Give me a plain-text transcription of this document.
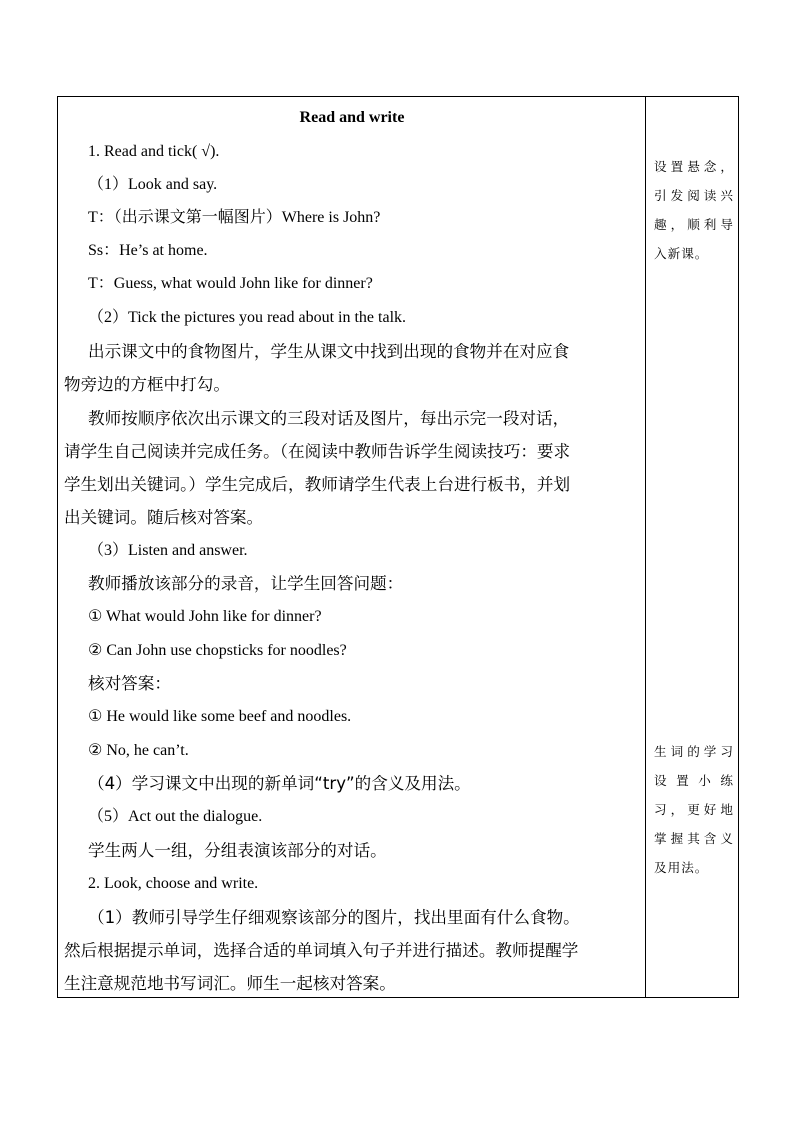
Read and write
1. Read and tick( √).
（1）Look and say.
T：（出示课文第一幅图片）Where is John?
Ss：He’s at home.
T：Guess, what would John like for dinner?
（2）Tick the pictures you read about in the talk.
出示课文中的食物图片，学生从课文中找到出现的食物并在对应食
物旁边的方框中打勾。
教师按顺序依次出示课文的三段对话及图片，每出示完一段对话，
请学生自己阅读并完成任务。（在阅读中教师告诉学生阅读技巧：要求
学生划出关键词。）学生完成后，教师请学生代表上台进行板书，并划
出关键词。随后核对答案。
（3）Listen and answer.
教师播放该部分的录音，让学生回答问题：
① What would John like for dinner?
② Can John use chopsticks for noodles?
核对答案：
① He would like some beef and noodles.
② No, he can’t.
（4）学习课文中出现的新单词“try”的含义及用法。
（5）Act out the dialogue.
学生两人一组，分组表演该部分的对话。
2. Look, choose and write.
（1）教师引导学生仔细观察该部分的图片，找出里面有什么食物。
然后根据提示单词，选择合适的单词填入句子并进行描述。教师提醒学
生注意规范地书写词汇。师生一起核对答案。
设置悬念，引发阅读兴趣，顺利导入新课。
生词的学习设置小练习，更好地掌握其含义及用法。
